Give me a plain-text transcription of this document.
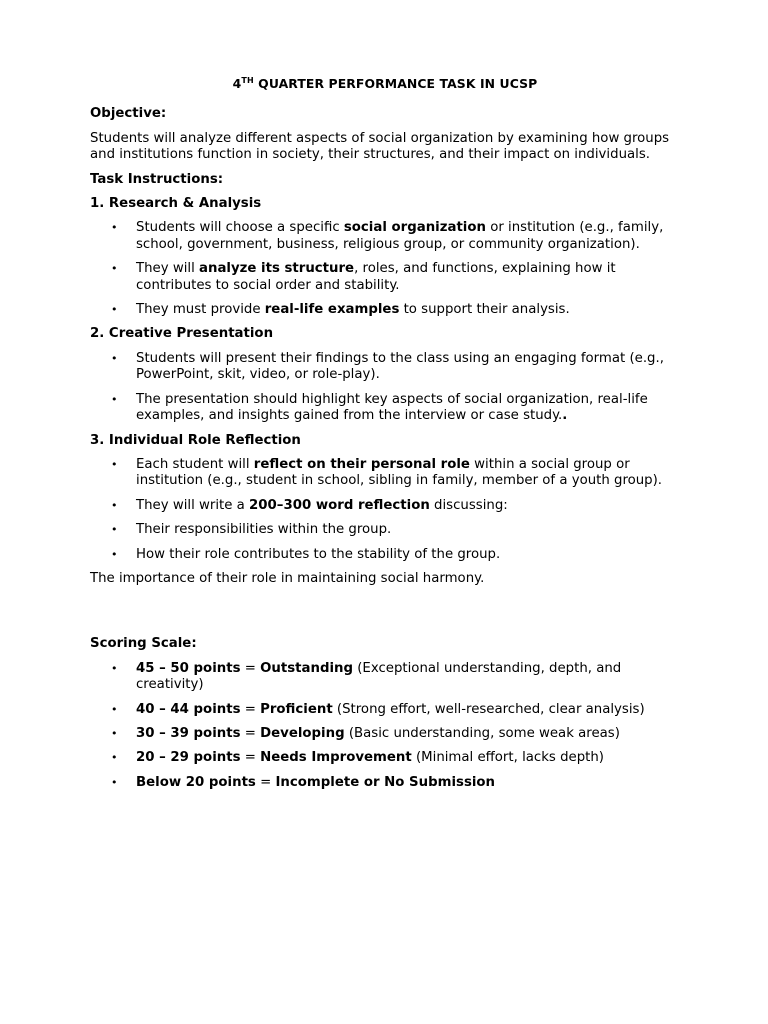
4TH QUARTER PERFORMANCE TASK IN UCSP
Objective:
Students will analyze different aspects of social organization by examining how groups and institutions function in society, their structures, and their impact on individuals.
Task Instructions:
1. Research & Analysis
• Students will choose a specific social organization or institution (e.g., family, school, government, business, religious group, or community organization).
• They will analyze its structure, roles, and functions, explaining how it contributes to social order and stability.
• They must provide real-life examples to support their analysis.
2. Creative Presentation
• Students will present their findings to the class using an engaging format (e.g., PowerPoint, skit, video, or role-play).
• The presentation should highlight key aspects of social organization, real-life examples, and insights gained from the interview or case study..
3. Individual Role Reflection
• Each student will reflect on their personal role within a social group or institution (e.g., student in school, sibling in family, member of a youth group).
• They will write a 200–300 word reflection discussing:
• Their responsibilities within the group.
• How their role contributes to the stability of the group.
The importance of their role in maintaining social harmony.
Scoring Scale:
• 45 – 50 points = Outstanding (Exceptional understanding, depth, and creativity)
• 40 – 44 points = Proficient (Strong effort, well-researched, clear analysis)
• 30 – 39 points = Developing (Basic understanding, some weak areas)
• 20 – 29 points = Needs Improvement (Minimal effort, lacks depth)
• Below 20 points = Incomplete or No Submission
